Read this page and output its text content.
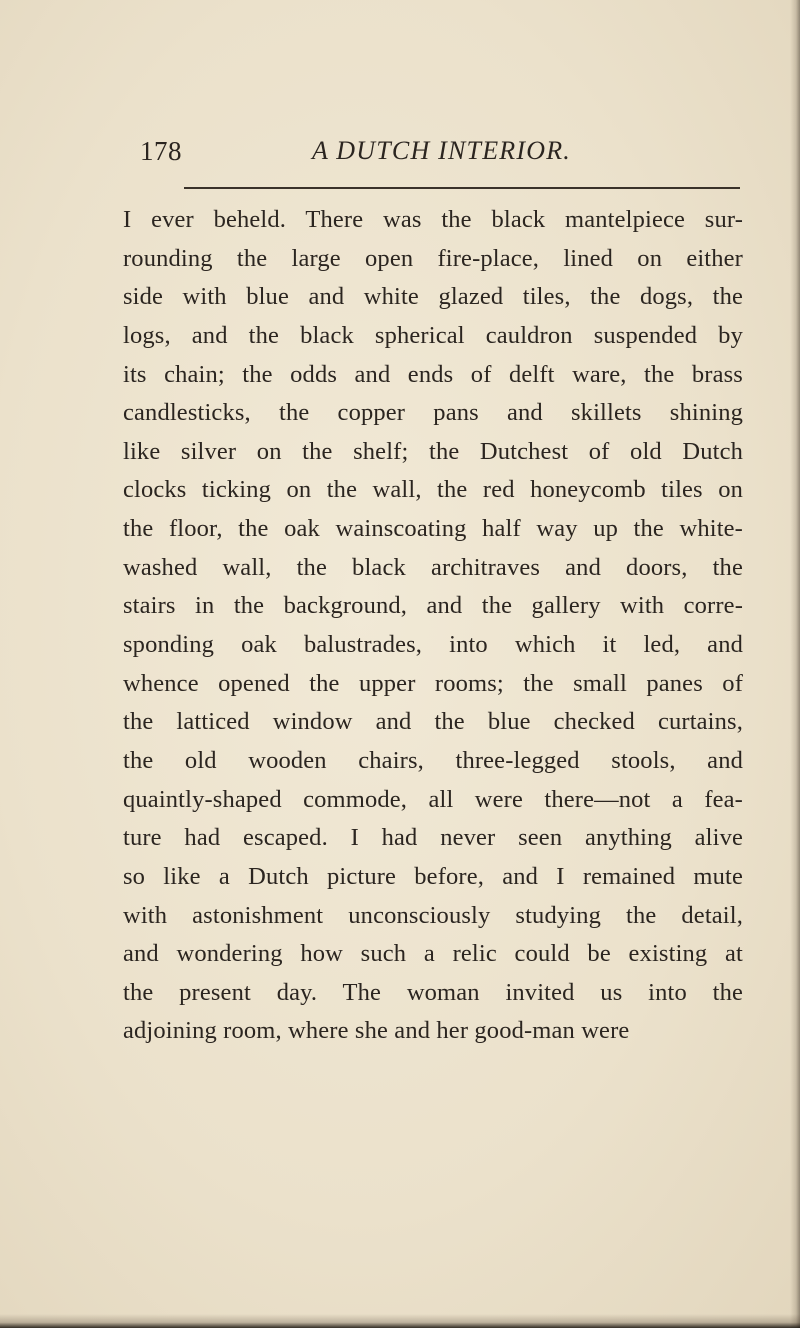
178	A DUTCH INTERIOR.
I ever beheld. There was the black mantelpiece sur-
rounding the large open fire-place, lined on either
side with blue and white glazed tiles, the dogs, the
logs, and the black spherical cauldron suspended by
its chain; the odds and ends of delft ware, the brass
candlesticks, the copper pans and skillets shining
like silver on the shelf; the Dutchest of old Dutch
clocks ticking on the wall, the red honeycomb tiles on
the floor, the oak wainscoating half way up the white-
washed wall, the black architraves and doors, the
stairs in the background, and the gallery with corre-
sponding oak balustrades, into which it led, and
whence opened the upper rooms; the small panes of
the latticed window and the blue checked curtains,
the old wooden chairs, three-legged stools, and
quaintly-shaped commode, all were there—not a fea-
ture had escaped. I had never seen anything alive
so like a Dutch picture before, and I remained mute
with astonishment unconsciously studying the detail,
and wondering how such a relic could be existing at
the present day. The woman invited us into the
adjoining room, where she and her good-man were
